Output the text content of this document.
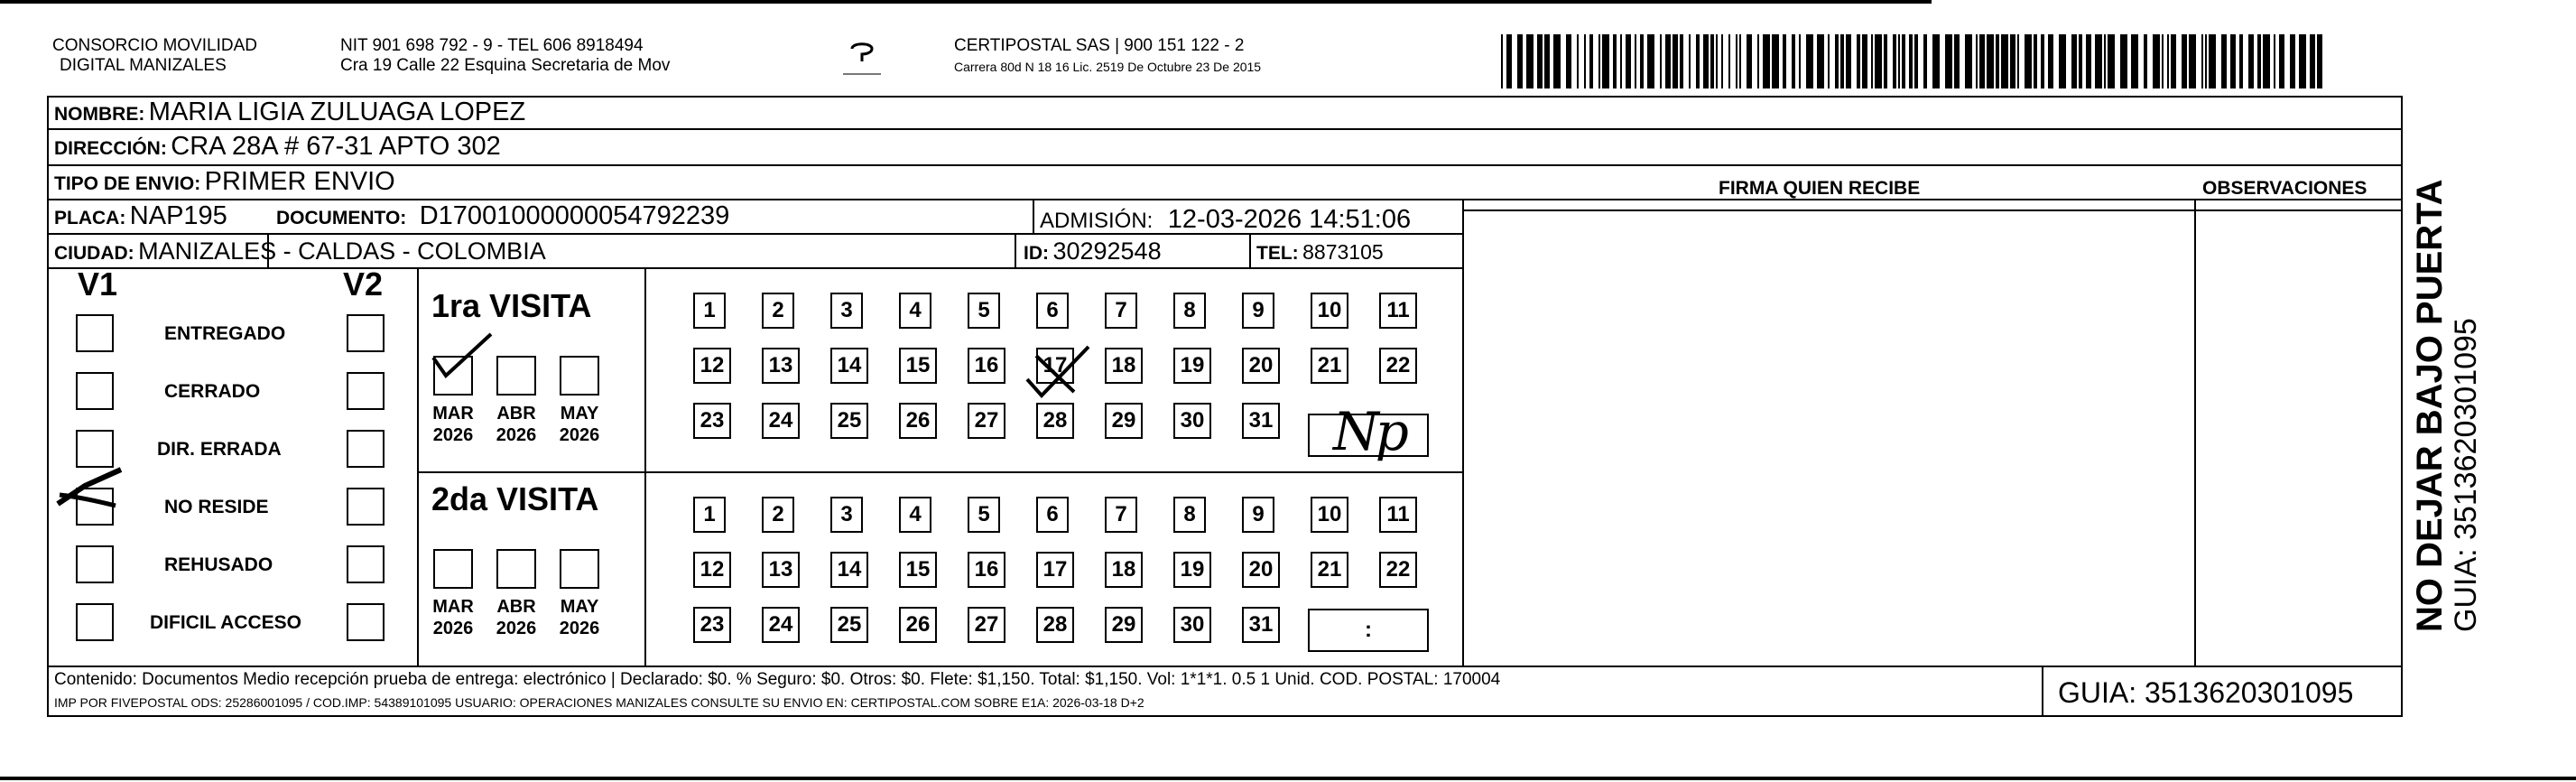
CONSORCIO MOVILIDAD
DIGITAL MANIZALES
NIT 901 698 792 - 9 - TEL 606 8918494
Cra 19 Calle 22 Esquina Secretaria de Mov
CERTIPOSTAL SAS | 900 151 122 - 2
Carrera 80d N 18 16 Lic. 2519 De Octubre 23 De 2015
NOMBRE: MARIA LIGIA ZULUAGA LOPEZ
DIRECCIÓN: CRA 28A # 67-31 APTO 302
TIPO DE ENVIO: PRIMER ENVIO	FIRMA QUIEN RECIBE	OBSERVACIONES
PLACA: NAP195	DOCUMENTO: D17001000000054792239	ADMISIÓN: 12-03-2026 14:51:06
CIUDAD: MANIZALES - CALDAS - COLOMBIA	ID: 30292548	TEL: 8873105
V1	V2
ENTREGADO
CERRADO
DIR. ERRADA
NO RESIDE
REHUSADO
DIFICIL ACCESO
1ra VISITA
2da VISITA
MAR
2026
ABR
2026
MAY
2026
MAR
2026
ABR
2026
MAY
2026
1	2	3	4	5	6	7	8	9	10 11
12 13 14 15 16 17 18 19 20 21 22
23 24 25 26 27 28 29 30 31
1	2	3	4	5	6	7	8	9	10 11
12 13 14 15 16 17 18 19 20 21 22
23 24 25 26 27 28 29 30 31
Np
:
Contenido: Documentos Medio recepción prueba de entrega: electrónico | Declarado: $0. % Seguro: $0. Otros: $0. Flete: $1,150. Total: $1,150. Vol: 1*1*1. 0.5 1 Unid. COD. POSTAL: 170004
IMP POR FIVEPOSTAL ODS: 25286001095 / COD.IMP: 54389101095 USUARIO: OPERACIONES MANIZALES CONSULTE SU ENVIO EN: CERTIPOSTAL.COM SOBRE E1A: 2026-03-18 D+2	GUIA: 3513620301095
NO DEJAR BAJO PUERTA GUIA: 3513620301095
